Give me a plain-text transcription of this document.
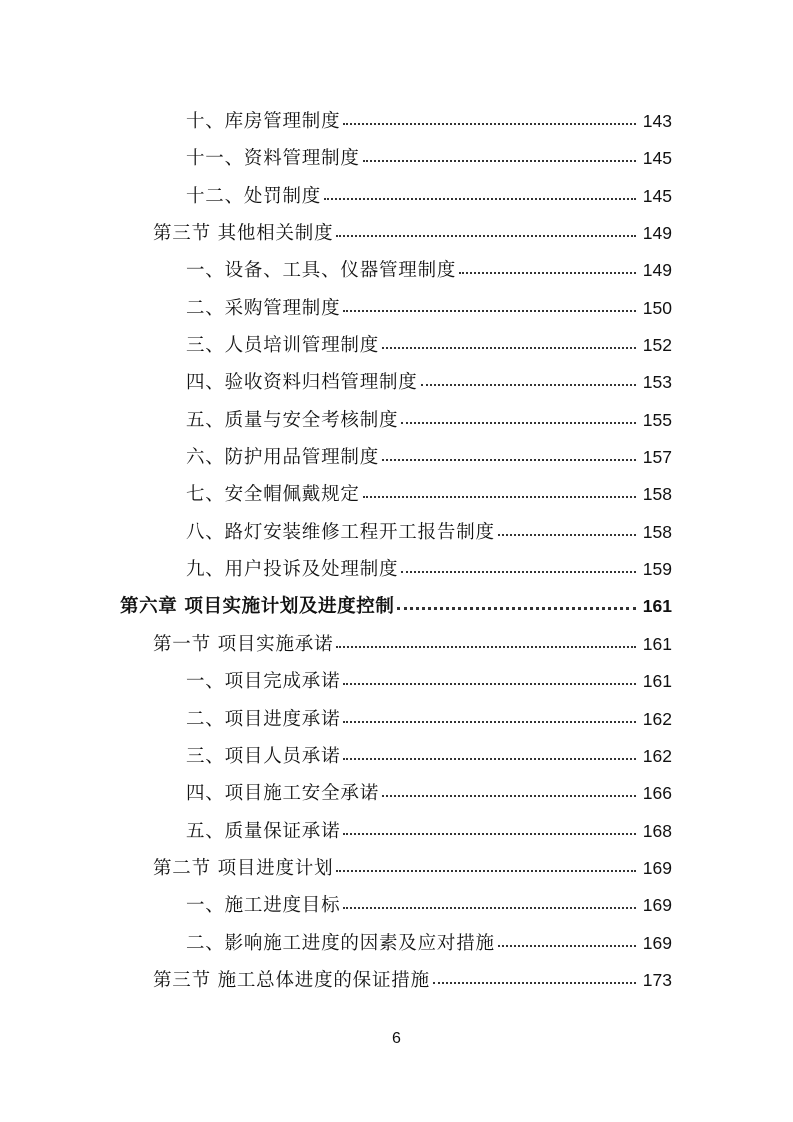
十、库房管理制度	143
十一、资料管理制度	145
十二、处罚制度	145
第三节 其他相关制度	149
一、设备、工具、仪器管理制度	149
二、采购管理制度	150
三、人员培训管理制度	152
四、验收资料归档管理制度	153
五、质量与安全考核制度	155
六、防护用品管理制度	157
七、安全帽佩戴规定	158
八、路灯安装维修工程开工报告制度	158
九、用户投诉及处理制度	159
第六章 项目实施计划及进度控制	161
第一节 项目实施承诺	161
一、项目完成承诺	161
二、项目进度承诺	162
三、项目人员承诺	162
四、项目施工安全承诺	166
五、质量保证承诺	168
第二节 项目进度计划	169
一、施工进度目标	169
二、影响施工进度的因素及应对措施	169
第三节 施工总体进度的保证措施	173
6
